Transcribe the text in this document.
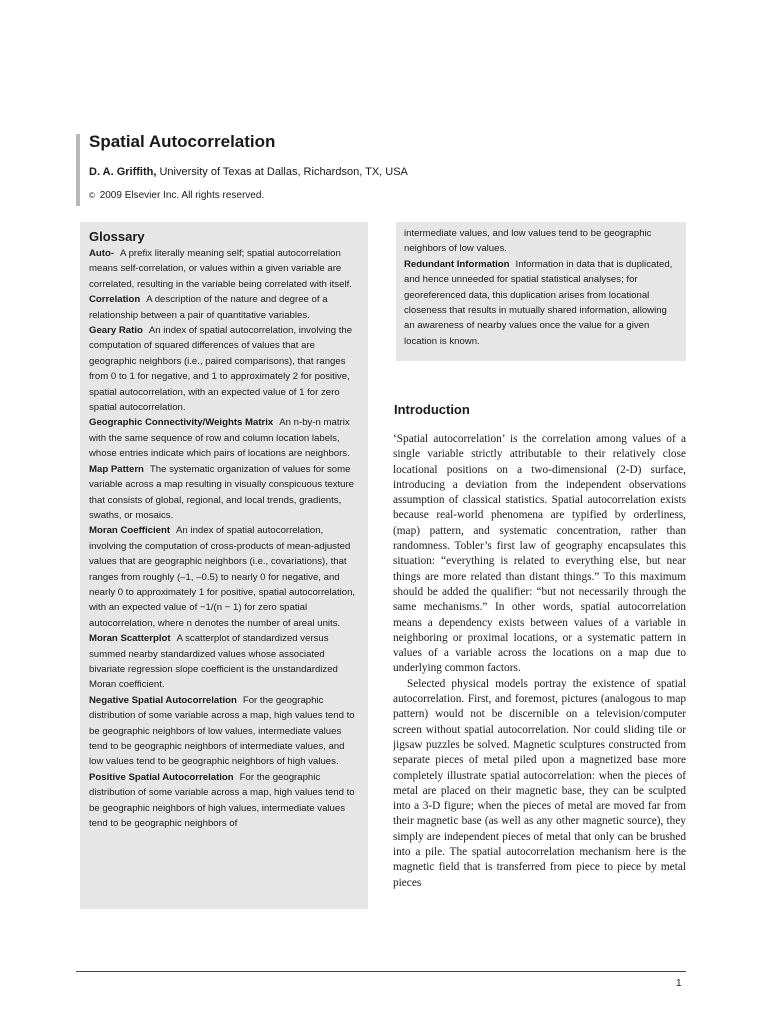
Spatial Autocorrelation
D. A. Griffith, University of Texas at Dallas, Richardson, TX, USA
© 2009 Elsevier Inc. All rights reserved.
Glossary

Auto- A prefix literally meaning self; spatial autocorrelation means self-correlation, or values within a given variable are correlated, resulting in the variable being correlated with itself.

Correlation A description of the nature and degree of a relationship between a pair of quantitative variables.

Geary Ratio An index of spatial autocorrelation, involving the computation of squared differences of values that are geographic neighbors (i.e., paired comparisons), that ranges from 0 to 1 for negative, and 1 to approximately 2 for positive, spatial autocorrelation, with an expected value of 1 for zero spatial autocorrelation.

Geographic Connectivity/Weights Matrix An n-by-n matrix with the same sequence of row and column location labels, whose entries indicate which pairs of locations are neighbors.

Map Pattern The systematic organization of values for some variable across a map resulting in visually conspicuous texture that consists of global, regional, and local trends, gradients, swaths, or mosaics.

Moran Coefficient An index of spatial autocorrelation, involving the computation of cross-products of mean-adjusted values that are geographic neighbors (i.e., covariations), that ranges from roughly (–1, –0.5) to nearly 0 for negative, and nearly 0 to approximately 1 for positive, spatial autocorrelation, with an expected value of −1/(n − 1) for zero spatial autocorrelation, where n denotes the number of areal units.

Moran Scatterplot A scatterplot of standardized versus summed nearby standardized values whose associated bivariate regression slope coefficient is the unstandardized Moran coefficient.

Negative Spatial Autocorrelation For the geographic distribution of some variable across a map, high values tend to be geographic neighbors of low values, intermediate values tend to be geographic neighbors of intermediate values, and low values tend to be geographic neighbors of high values.

Positive Spatial Autocorrelation For the geographic distribution of some variable across a map, high values tend to be geographic neighbors of high values, intermediate values tend to be geographic neighbors of

intermediate values, and low values tend to be geographic neighbors of low values.

Redundant Information Information in data that is duplicated, and hence unneeded for spatial statistical analyses; for georeferenced data, this duplication arises from locational closeness that results in mutually shared information, allowing an awareness of nearby values once the value for a given location is known.

Introduction

‘Spatial autocorrelation’ is the correlation among values of a single variable strictly attributable to their relatively close locational positions on a two-dimensional (2-D) surface, introducing a deviation from the independent observations assumption of classical statistics. Spatial autocorrelation exists because real-world phenomena are typified by orderliness, (map) pattern, and systematic concentration, rather than randomness. Tobler’s first law of geography encapsulates this situation: “everything is related to everything else, but near things are more related than distant things.” To this maximum should be added the qualifier: “but not necessarily through the same mechanisms.” In other words, spatial autocorrelation means a dependency exists between values of a variable in neighboring or proximal locations, or a systematic pattern in values of a variable across the locations on a map due to underlying common factors.

Selected physical models portray the existence of spatial autocorrelation. First, and foremost, pictures (analogous to map pattern) would not be discernible on a television/computer screen without spatial autocorrelation. Nor could sliding tile or jigsaw puzzles be solved. Magnetic sculptures constructed from separate pieces of metal piled upon a magnetized base more completely illustrate spatial autocorrelation: when the pieces of metal are placed on their magnetic base, they can be sculpted into a 3-D figure; when the pieces of metal are moved far from their magnetic base (as well as any other magnetic source), they simply are independent pieces of metal that only can be brushed into a pile. The spatial autocorrelation mechanism here is the magnetic field that is transferred from piece to piece by metal pieces

1
